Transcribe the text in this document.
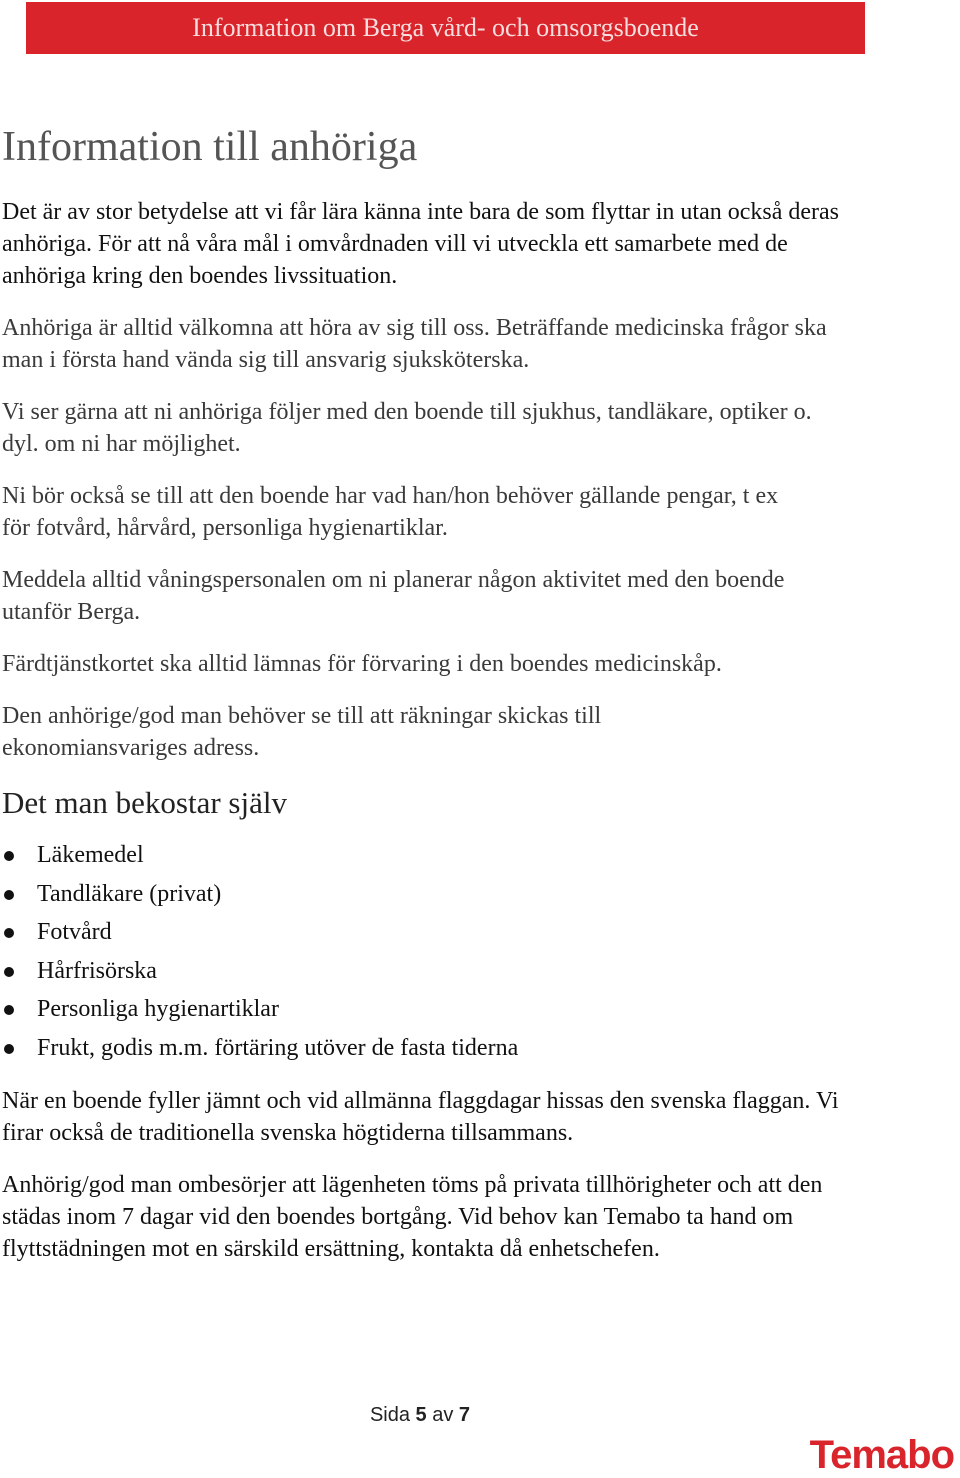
Information om Berga vård- och omsorgsboende
Information till anhöriga

Det är av stor betydelse att vi får lära känna inte bara de som flyttar in utan också deras anhöriga. För att nå våra mål i omvårdnaden vill vi utveckla ett samarbete med de anhöriga kring den boendes livssituation.

Anhöriga är alltid välkomna att höra av sig till oss. Beträffande medicinska frågor ska man i första hand vända sig till ansvarig sjuksköterska.

Vi ser gärna att ni anhöriga följer med den boende till sjukhus, tandläkare, optiker o. dyl. om ni har möjlighet.

Ni bör också se till att den boende har vad han/hon behöver gällande pengar, t ex för fotvård, hårvård, personliga hygienartiklar.

Meddela alltid våningspersonalen om ni planerar någon aktivitet med den boende utanför Berga.

Färdtjänstkortet ska alltid lämnas för förvaring i den boendes medicinskåp.

Den anhörige/god man behöver se till att räkningar skickas till ekonomiansvariges adress.

Det man bekostar själv
Läkemedel
Tandläkare (privat)
Fotvård
Hårfrisörska
Personliga hygienartiklar
Frukt, godis m.m. förtäring utöver de fasta tiderna

När en boende fyller jämnt och vid allmänna flaggdagar hissas den svenska flaggan. Vi firar också de traditionella svenska högtiderna tillsammans.

Anhörig/god man ombesörjer att lägenheten töms på privata tillhörigheter och att den städas inom 7 dagar vid den boendes bortgång. Vid behov kan Temabo ta hand om flyttstädningen mot en särskild ersättning, kontakta då enhetschefen.

Sida 5 av 7
Temabo
